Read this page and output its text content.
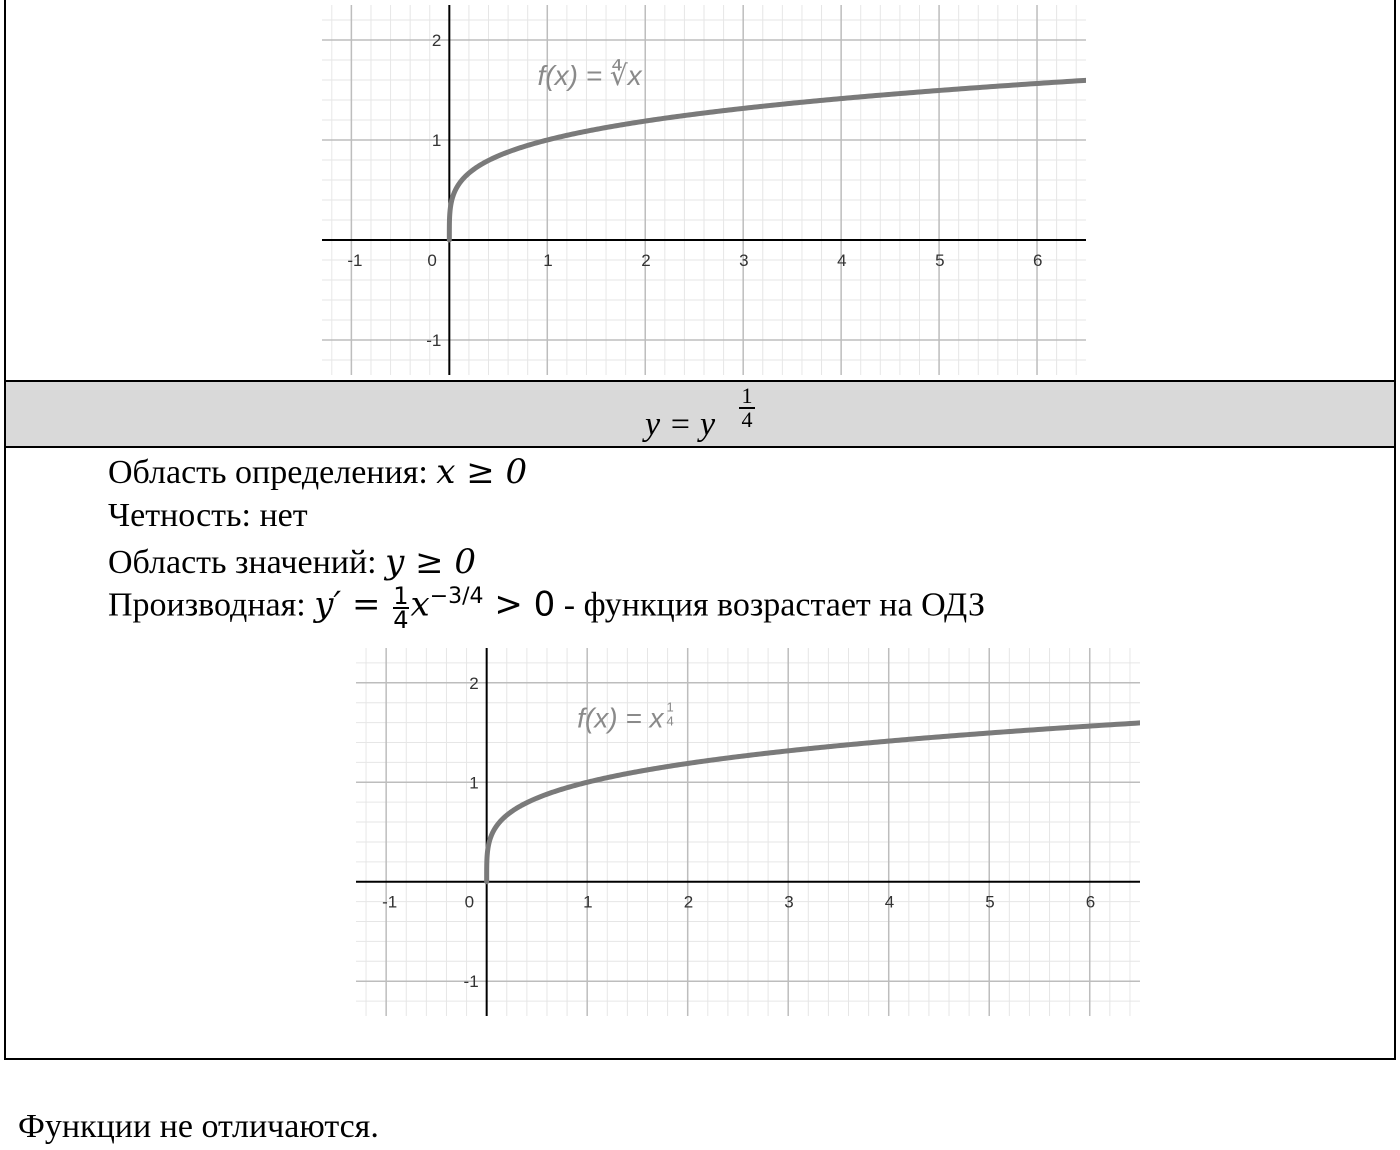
-1	0	1	2	3	4	5	6
2
1
-1
f(x) = ∜x
y = y
1
4
Область определения: x ≥ 0
Четность: нет
Область значений: y ≥ 0
Производная: $y' = \frac{1}{4}x^{-3/4} > 0$ - функция возрастает на ОДЗ
-1	0	1	2	3	4	5	6
2
1
-1
f(x) = x 1
4
Функции не отличаются.
